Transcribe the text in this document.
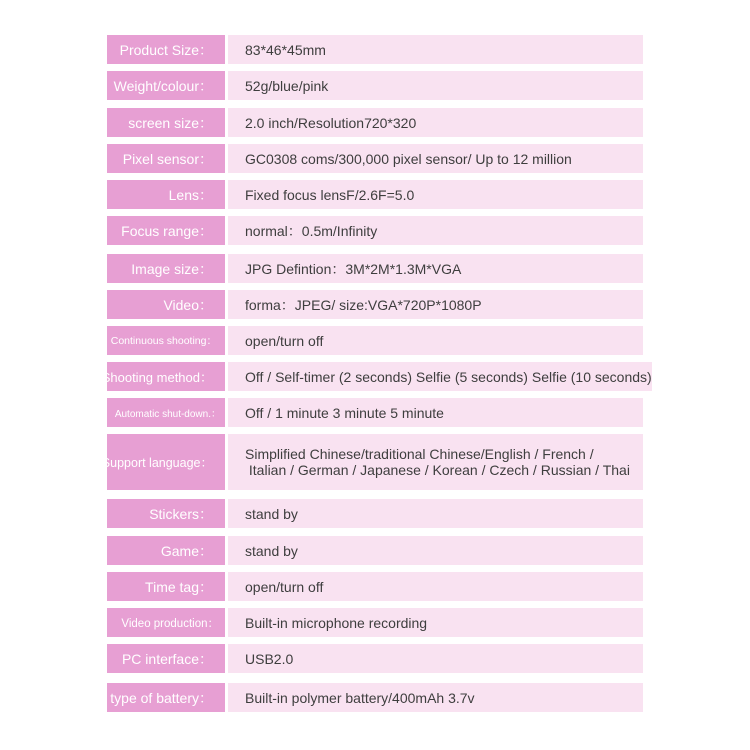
Product Size：	83*46*45mm
Weight/colour：	52g/blue/pink
screen size：	2.0 inch/Resolution720*320
Pixel sensor：	GC0308 coms/300,000 pixel sensor/ Up to 12 million
Lens：	Fixed focus lensF/2.6F=5.0
Focus range：	normal：0.5m/Infinity
Image size：	JPG Defintion：3M*2M*1.3M*VGA
Video：	forma：JPEG/ size:VGA*720P*1080P
Continuous shooting：	open/turn off
Shooting method：	Off / Self-timer (2 seconds) Selfie (5 seconds) Selfie (10 seconds)
Automatic shut-down.：	Off / 1 minute 3 minute 5 minute
Support language：
Simplified Chinese/traditional Chinese/English / French /
Italian / German / Japanese / Korean / Czech / Russian / Thai
Stickers：	stand by
Game：	stand by
Time tag：	open/turn off
Video production：	Built-in microphone recording
PC interface：	USB2.0
type of battery：	Built-in polymer battery/400mAh 3.7v
